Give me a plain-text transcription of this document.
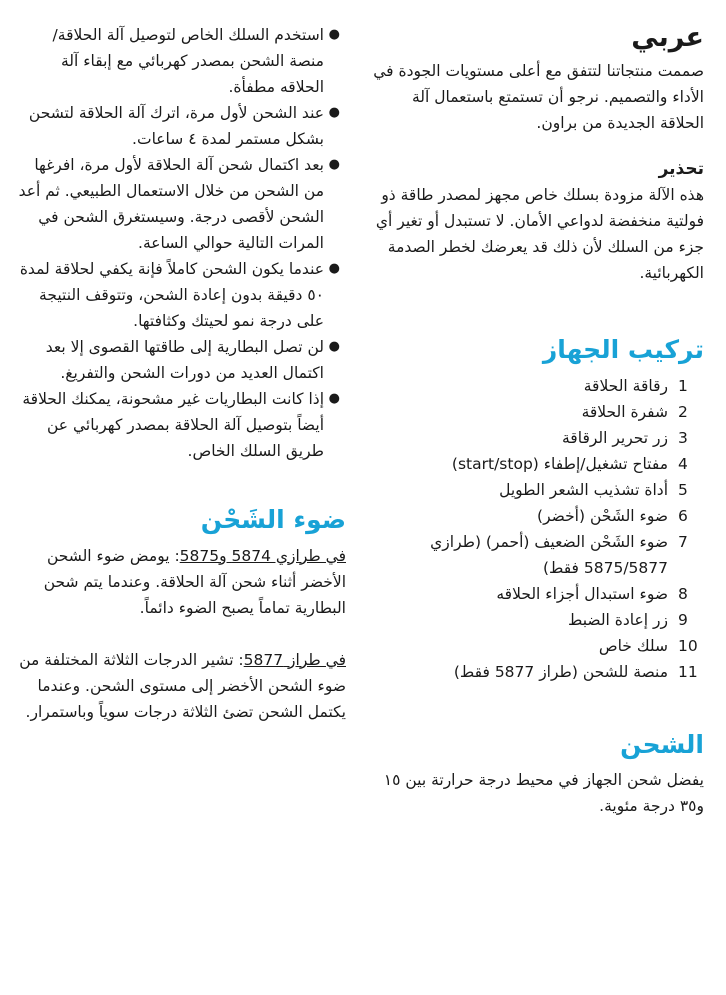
عربي

صممت منتجاتنا لتتفق مع أعلى مستويات الجودة في الأداء والتصميم. نرجو أن تستمتع باستعمال آلة الحلاقة الجديدة من براون.

تحذير

هذه الآلة مزودة بسلك خاص مجهز لمصدر طاقة ذو فولتية منخفضة لدواعي الأمان. لا تستبدل أو تغير أي جزء من السلك لأن ذلك قد يعرضك لخطر الصدمة الكهربائية.

تركيب الجهاز
1
رقاقة الحلاقة
2
شفرة الحلاقة
3
زر تحرير الرقاقة
4
مفتاح تشغيل/إطفاء (start/stop)
5
أداة تشذيب الشعر الطويل
6
ضوء الشَحْن (أخضر)
7
ضوء الشَحْن الضعيف (أحمر) (طرازي 5875/5877 فقط)
8
ضوء استبدال أجزاء الحلاقه
9
زر إعادة الضبط
10
سلك خاص
11
منصة للشحن (طراز 5877 فقط)
الشحن

يفضل شحن الجهاز في محيط درجة حرارتة بين ١٥ و٣٥ درجة مئوية.

●
استخدم السلك الخاص لتوصيل آلة الحلاقة/ منصة الشحن بمصدر كهربائي مع إبقاء آلة الحلاقه مطفأة.
●
عند الشحن لأول مرة، اترك آلة الحلاقة لتشحن بشكل مستمر لمدة ٤ ساعات.
●
بعد اكتمال شحن آلة الحلاقة لأول مرة، افرغها من الشحن من خلال الاستعمال الطبيعي. ثم أعد الشحن لأقصى درجة. وسيستغرق الشحن في المرات التالية حوالي الساعة.
●
عندما يكون الشحن كاملاً فإنة يكفي لحلاقة لمدة ٥٠ دقيقة بدون إعادة الشحن، وتتوقف النتيجة على درجة نمو لحيتك وكثافتها.
●
لن تصل البطارية إلى طاقتها القصوى إلا بعد اكتمال العديد من دورات الشحن والتفريغ.
●
إذا كانت البطاريات غير مشحونة، يمكنك الحلاقة أيضاً بتوصيل آلة الحلاقة بمصدر كهربائي عن طريق السلك الخاص.
ضوء الشَحْن

في طرازي 5874 و5875: يومض ضوء الشحن الأخضر أثناء شحن آلة الحلاقة. وعندما يتم شحن البطارية تماماً يصبح الضوء دائماً.

في طراز 5877: تشير الدرجات الثلاثة المختلفة من ضوء الشحن الأخضر إلى مستوى الشحن. وعندما يكتمل الشحن تضئ الثلاثة درجات سوياً وباستمرار.
